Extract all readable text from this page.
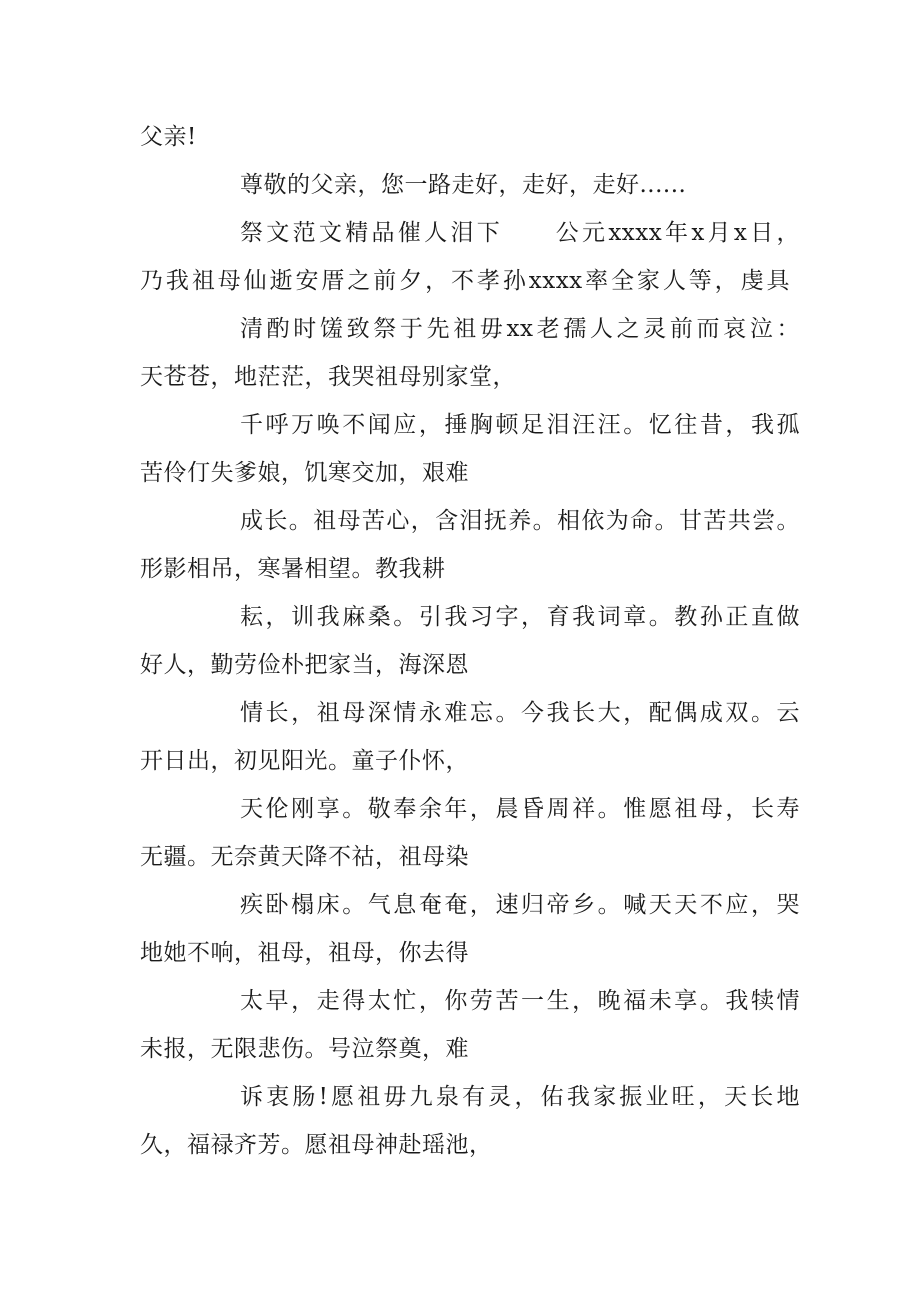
父亲!
尊敬的父亲，您一路走好，走好，走好......
祭文范文精品催人泪下　　公元xxxx年x月x日，
乃我祖母仙逝安厝之前夕，不孝孙xxxx率全家人等，虔具
清酌时馐致祭于先祖毋xx老孺人之灵前而哀泣：
天苍苍，地茫茫，我哭祖母别家堂，
千呼万唤不闻应，捶胸顿足泪汪汪。忆往昔，我孤
苦伶仃失爹娘，饥寒交加，艰难
成长。祖母苦心，含泪抚养。相依为命。甘苦共尝。
形影相吊，寒暑相望。教我耕
耘，训我麻桑。引我习字，育我词章。教孙正直做
好人，勤劳俭朴把家当，海深恩
情长，祖母深情永难忘。今我长大，配偶成双。云
开日出，初见阳光。童子仆怀，
天伦刚享。敬奉余年，晨昏周祥。惟愿祖母，长寿
无疆。无奈黄天降不祜，祖母染
疾卧榻床。气息奄奄，速归帝乡。喊天天不应，哭
地她不响，祖母，祖母，你去得
太早，走得太忙，你劳苦一生，晚福未享。我犊情
未报，无限悲伤。号泣祭奠，难
诉衷肠!愿祖毋九泉有灵，佑我家振业旺，天长地
久，福禄齐芳。愿祖母神赴瑶池，
